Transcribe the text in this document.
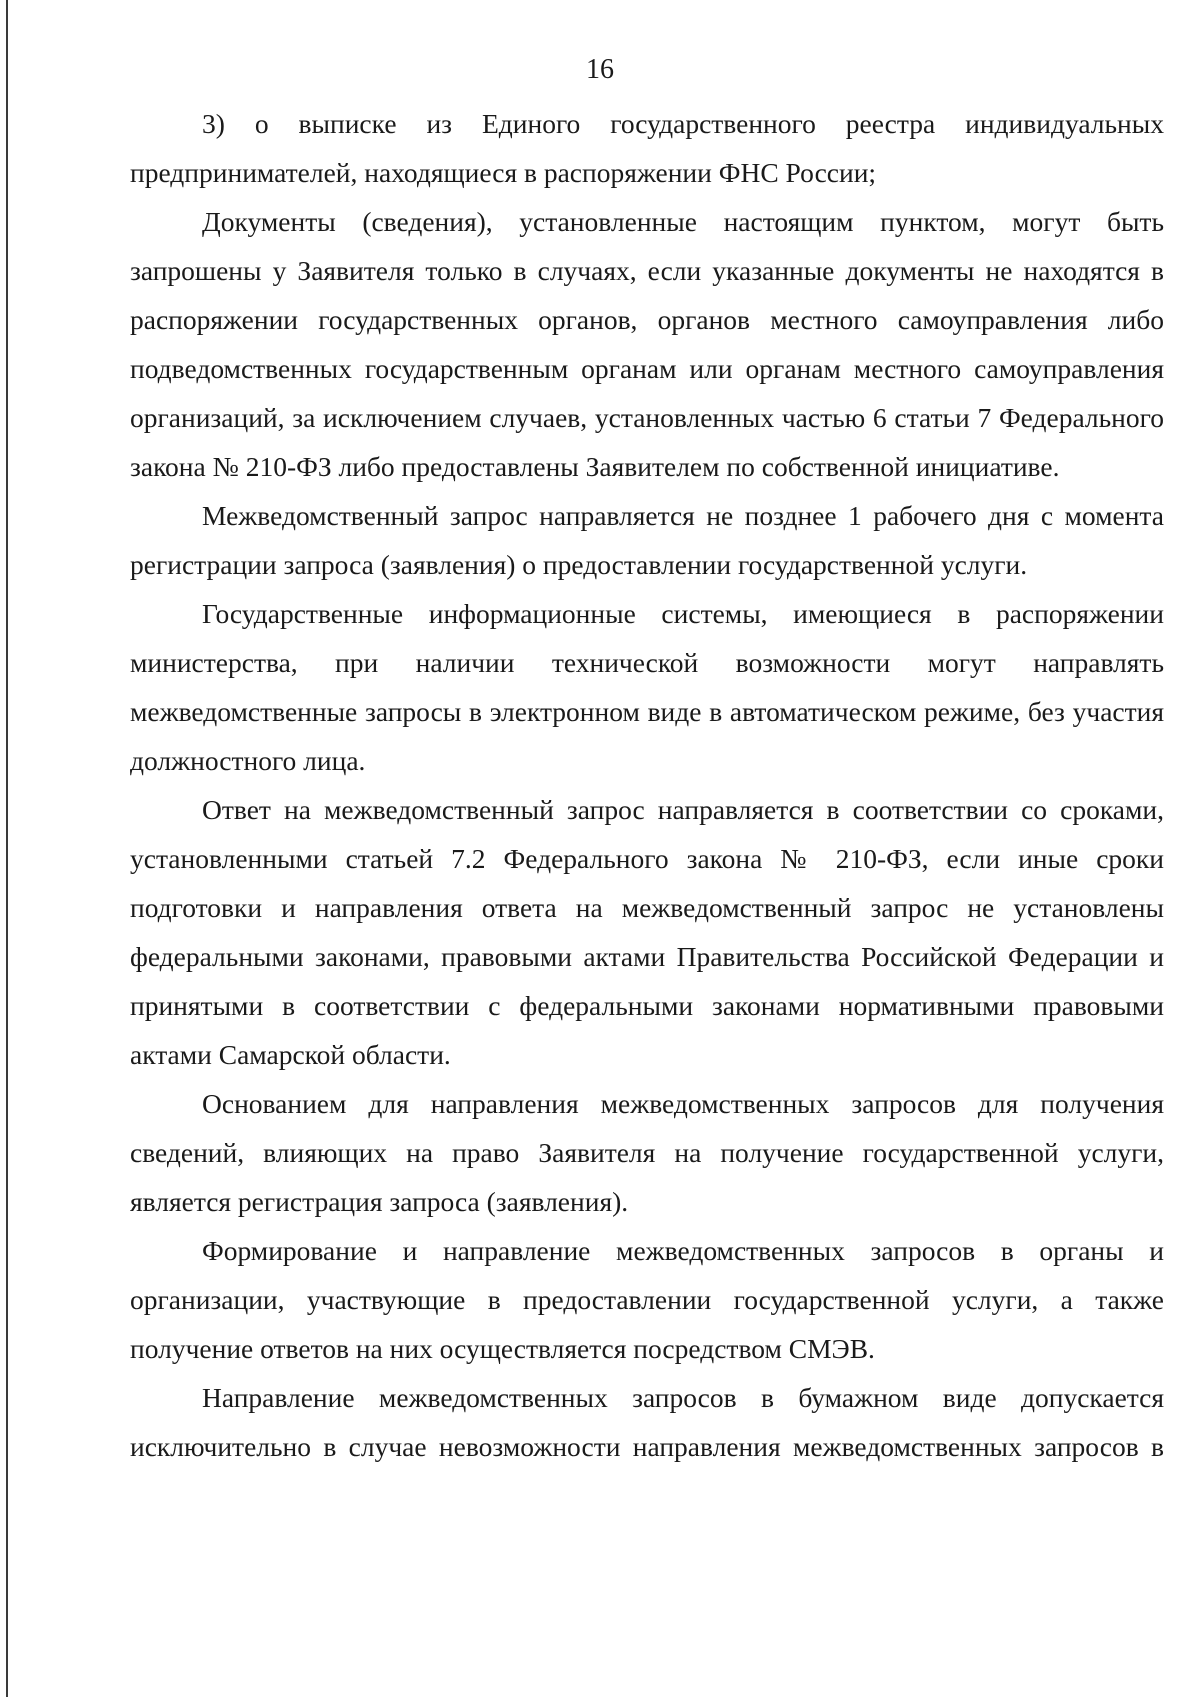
16

3) о выписке из Единого государственного реестра индивидуальных предпринимателей, находящиеся в распоряжении ФНС России;

Документы (сведения), установленные настоящим пунктом, могут быть запрошены у Заявителя только в случаях, если указанные документы не находятся в распоряжении государственных органов, органов местного самоуправления либо подведомственных государственным органам или органам местного самоуправления организаций, за исключением случаев, установленных частью 6 статьи 7 Федерального закона № 210-ФЗ либо предоставлены Заявителем по собственной инициативе.

Межведомственный запрос направляется не позднее 1 рабочего дня с момента регистрации запроса (заявления) о предоставлении государственной услуги.

Государственные информационные системы, имеющиеся в распоряжении министерства, при наличии технической возможности могут направлять межведомственные запросы в электронном виде в автоматическом режиме, без участия должностного лица.

Ответ на межведомственный запрос направляется в соответствии со сроками, установленными статьей 7.2 Федерального закона № 210-ФЗ, если иные сроки подготовки и направления ответа на межведомственный запрос не установлены федеральными законами, правовыми актами Правительства Российской Федерации и принятыми в соответствии с федеральными законами нормативными правовыми актами Самарской области.

Основанием для направления межведомственных запросов для получения сведений, влияющих на право Заявителя на получение государственной услуги, является регистрация запроса (заявления).

Формирование и направление межведомственных запросов в органы и организации, участвующие в предоставлении государственной услуги, а также получение ответов на них осуществляется посредством СМЭВ.

Направление межведомственных запросов в бумажном виде допускается исключительно в случае невозможности направления межведомственных запросов в
